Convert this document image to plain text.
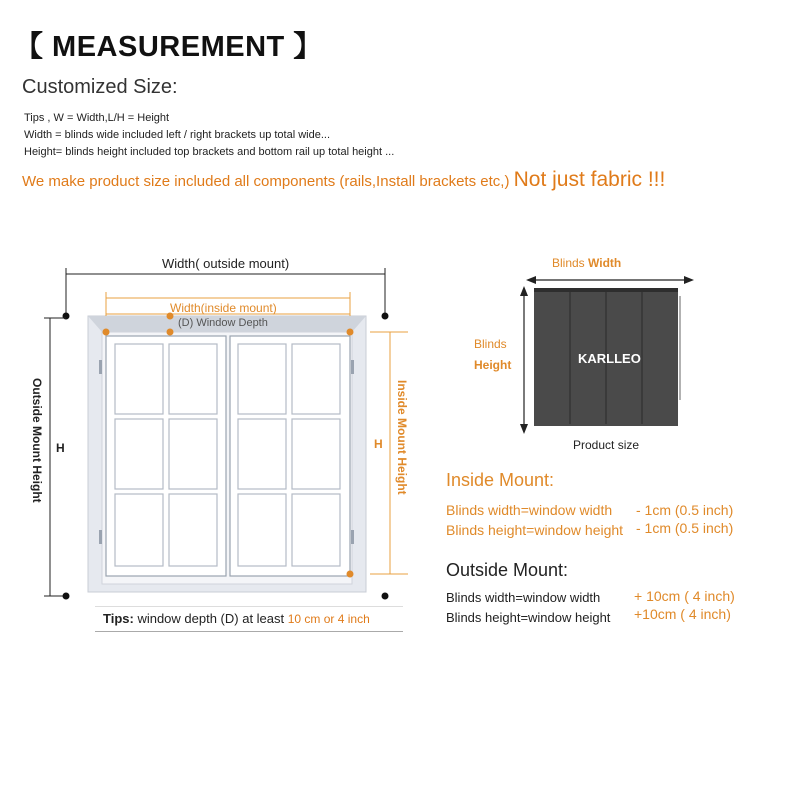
【 MEASUREMENT 】
Customized Size:
Tips , W = Width,L/H = Height
Width = blinds wide included left / right brackets up total wide...
Height= blinds height included top brackets and bottom rail up total height ...
We make product size included all components (rails,Install brackets etc,) Not just fabric !!!
Width( outside mount)
Width(inside mount)
(D) Window Depth
Outside Mount Height H	Inside Mount Height
H
Tips: window depth (D) at least 10 cm or 4 inch
Blinds Width
Blinds
Height	KARLLEO
Product size
Inside Mount:
Blinds width=window width - 1cm (0.5 inch)
Blinds height=window height - 1cm (0.5 inch)
Outside Mount:
Blinds width=window width + 10cm ( 4 inch)
Blinds height=window height +10cm ( 4 inch)
